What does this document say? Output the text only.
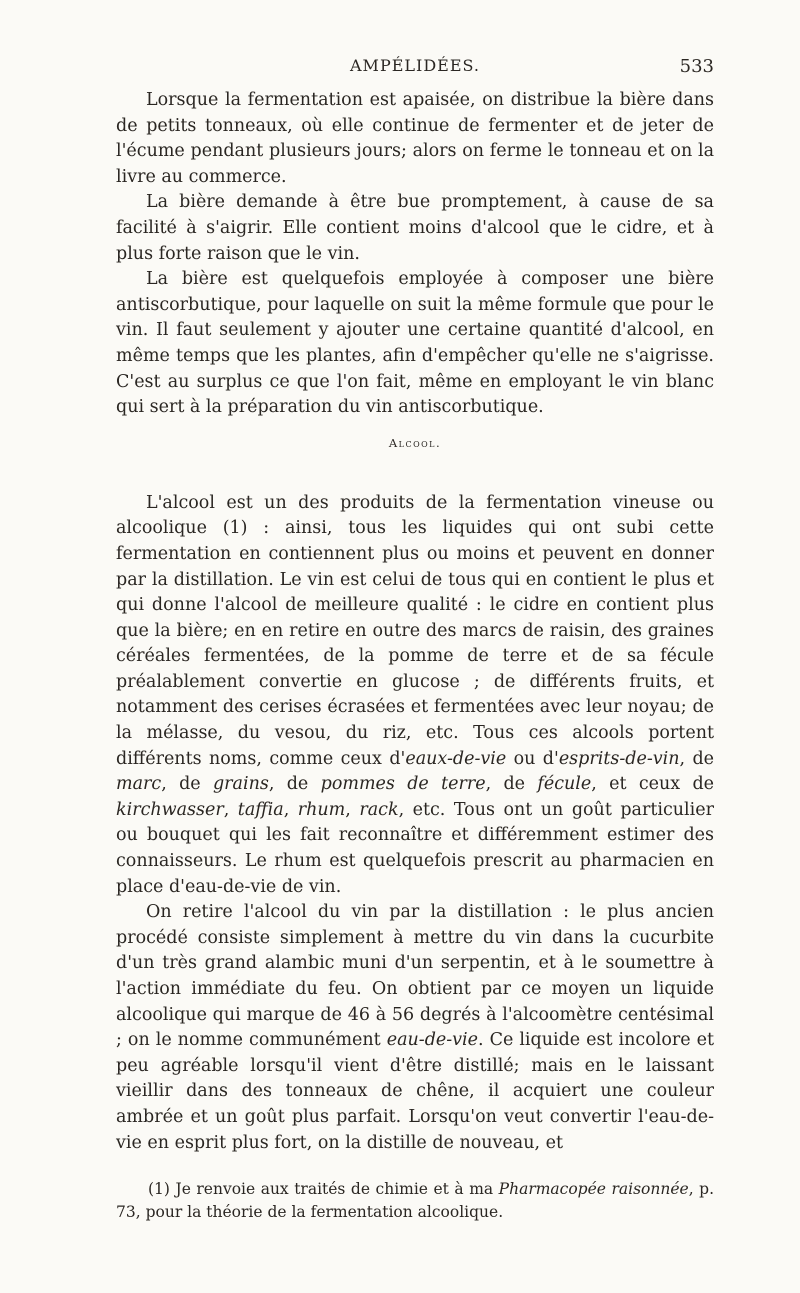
AMPÉLIDÉES.	533

Lorsque la fermentation est apaisée, on distribue la bière dans de petits tonneaux, où elle continue de fermenter et de jeter de l'écume pendant plusieurs jours; alors on ferme le tonneau et on la livre au commerce.

La bière demande à être bue promptement, à cause de sa facilité à s'aigrir. Elle contient moins d'alcool que le cidre, et à plus forte raison que le vin.

La bière est quelquefois employée à composer une bière antiscorbutique, pour laquelle on suit la même formule que pour le vin. Il faut seulement y ajouter une certaine quantité d'alcool, en même temps que les plantes, afin d'empêcher qu'elle ne s'aigrisse. C'est au surplus ce que l'on fait, même en employant le vin blanc qui sert à la préparation du vin antiscorbutique.

Alcool.

L'alcool est un des produits de la fermentation vineuse ou alcoolique (1) : ainsi, tous les liquides qui ont subi cette fermentation en contiennent plus ou moins et peuvent en donner par la distillation. Le vin est celui de tous qui en contient le plus et qui donne l'alcool de meilleure qualité : le cidre en contient plus que la bière; en en retire en outre des marcs de raisin, des graines céréales fermentées, de la pomme de terre et de sa fécule préalablement convertie en glucose ; de différents fruits, et notamment des cerises écrasées et fermentées avec leur noyau; de la mélasse, du vesou, du riz, etc. Tous ces alcools portent différents noms, comme ceux d'eaux-de-vie ou d'esprits-de-vin, de marc, de grains, de pommes de terre, de fécule, et ceux de kirchwasser, taffia, rhum, rack, etc. Tous ont un goût particulier ou bouquet qui les fait reconnaître et différemment estimer des connaisseurs. Le rhum est quelquefois prescrit au pharmacien en place d'eau-de-vie de vin.

On retire l'alcool du vin par la distillation : le plus ancien procédé consiste simplement à mettre du vin dans la cucurbite d'un très grand alambic muni d'un serpentin, et à le soumettre à l'action immédiate du feu. On obtient par ce moyen un liquide alcoolique qui marque de 46 à 56 degrés à l'alcoomètre centésimal ; on le nomme communément eau-de-vie. Ce liquide est incolore et peu agréable lorsqu'il vient d'être distillé; mais en le laissant vieillir dans des tonneaux de chêne, il acquiert une couleur ambrée et un goût plus parfait. Lorsqu'on veut convertir l'eau-de-vie en esprit plus fort, on la distille de nouveau, et

(1) Je renvoie aux traités de chimie et à ma Pharmacopée raisonnée, p. 73, pour la théorie de la fermentation alcoolique.
